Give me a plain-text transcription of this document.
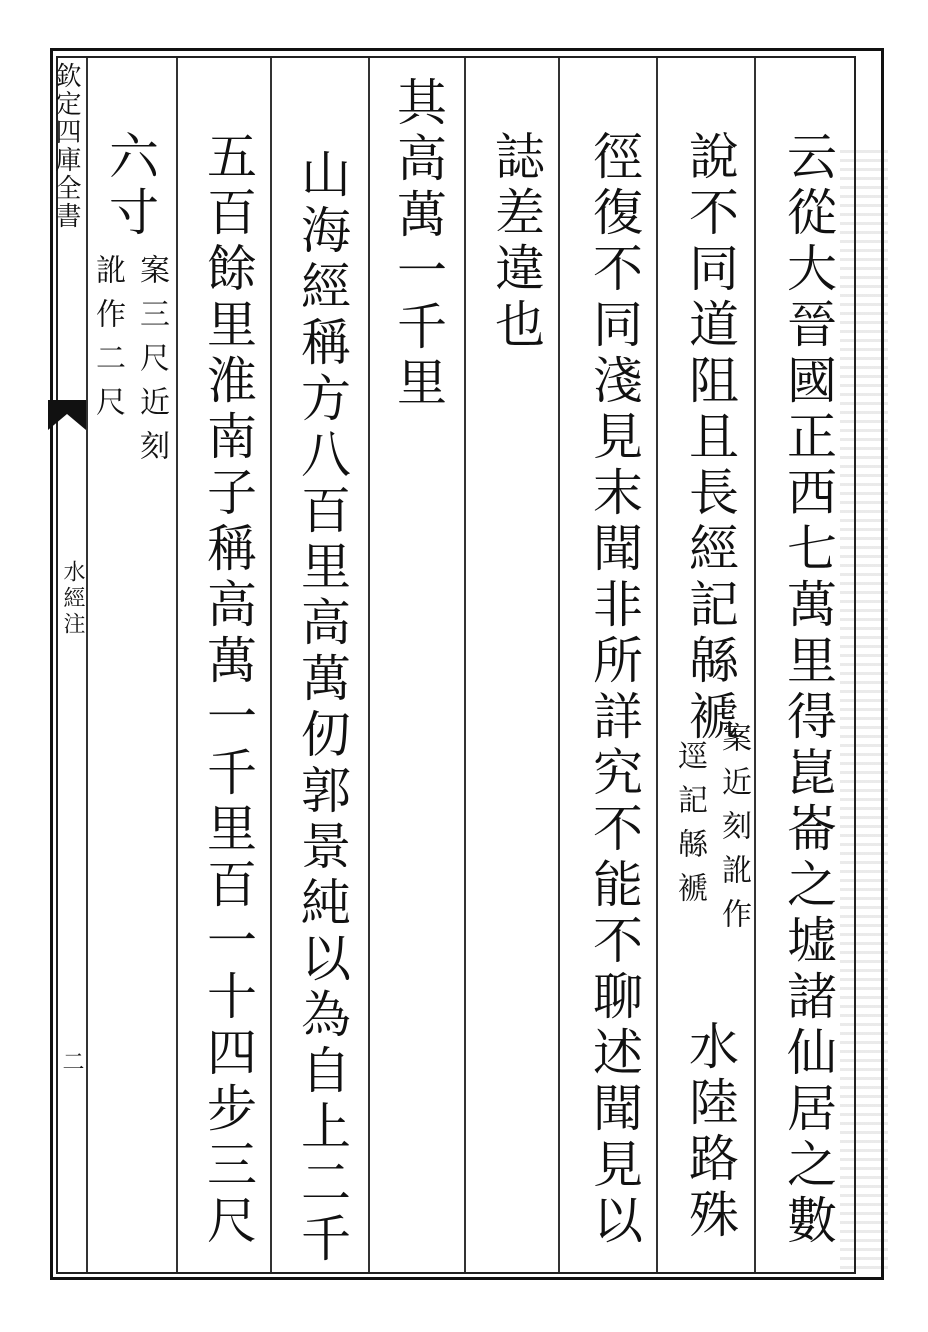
欽定四庫全書
水經注
二	云從大晉國正西七萬里得崑崙之墟諸仙居之數
說不同道阻且長經記緜褫
案近刻訛作
逕記緜褫
水陸路殊
徑復不同淺見末聞非所詳究不能不聊述聞見以
誌差違也
其高萬一千里
山海經稱方八百里高萬仞郭景純以為自上二千
五百餘里淮南子稱高萬一千里百一十四步三尺
六寸
案三尺近刻
訛作二尺
